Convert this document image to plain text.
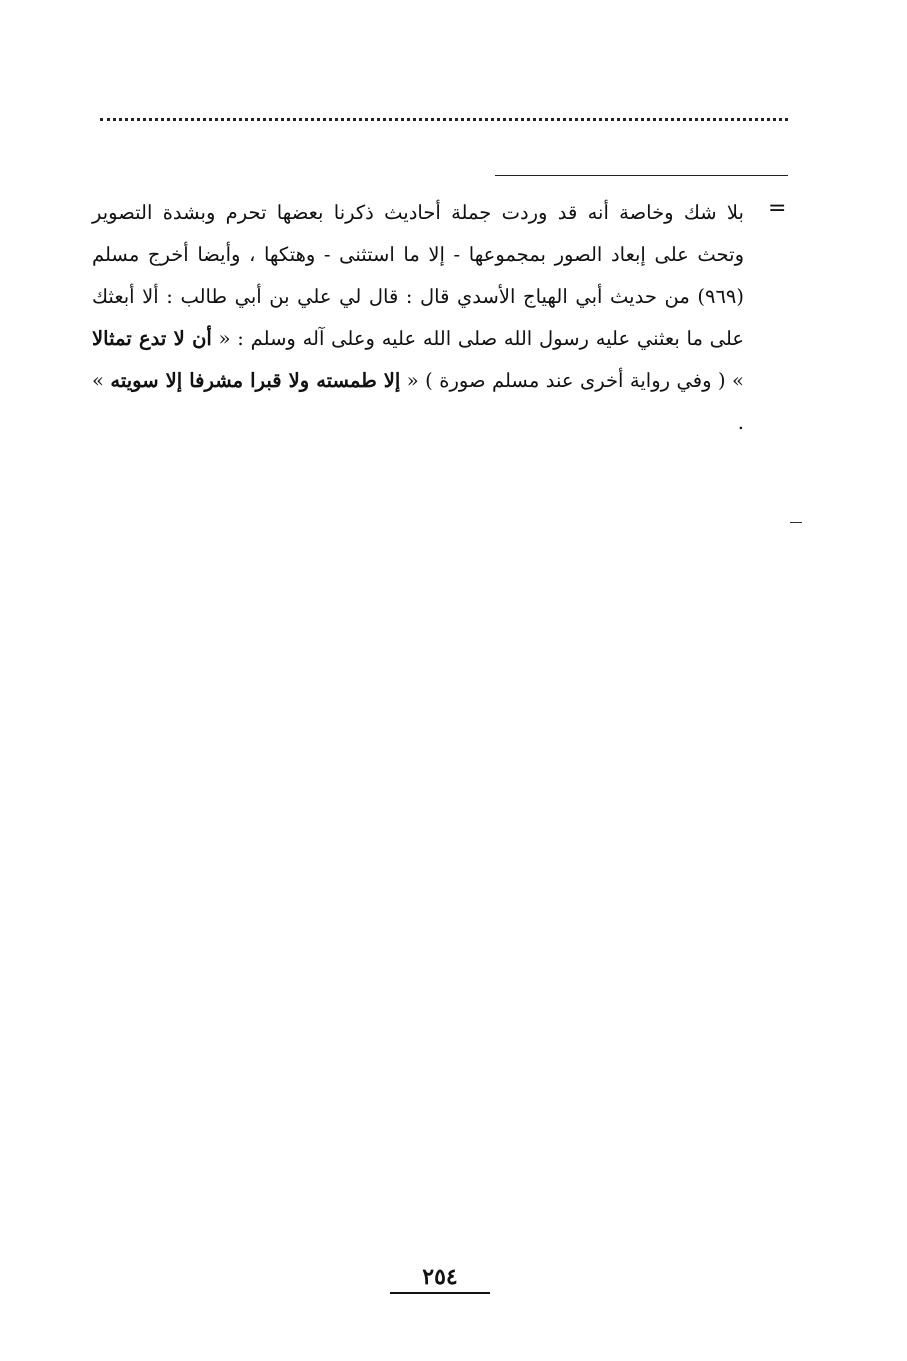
=
بلا شك وخاصة أنه قد وردت جملة أحاديث ذكرنا بعضها تحرم وبشدة التصوير وتحث على إبعاد الصور بمجموعها - إلا ما استثنى - وهتكها ، وأيضا أخرج مسلم (٩٦٩) من حديث أبي الهياج الأسدي قال : قال لي علي بن أبي طالب : ألا أبعثك على ما بعثني عليه رسول الله صلى الله عليه وعلى آله وسلم : « أن لا تدع تمثالا » ( وفي رواية أخرى عند مسلم صورة ) « إلا طمسته ولا قبرا مشرفا إلا سويته » .
٢٥٤
